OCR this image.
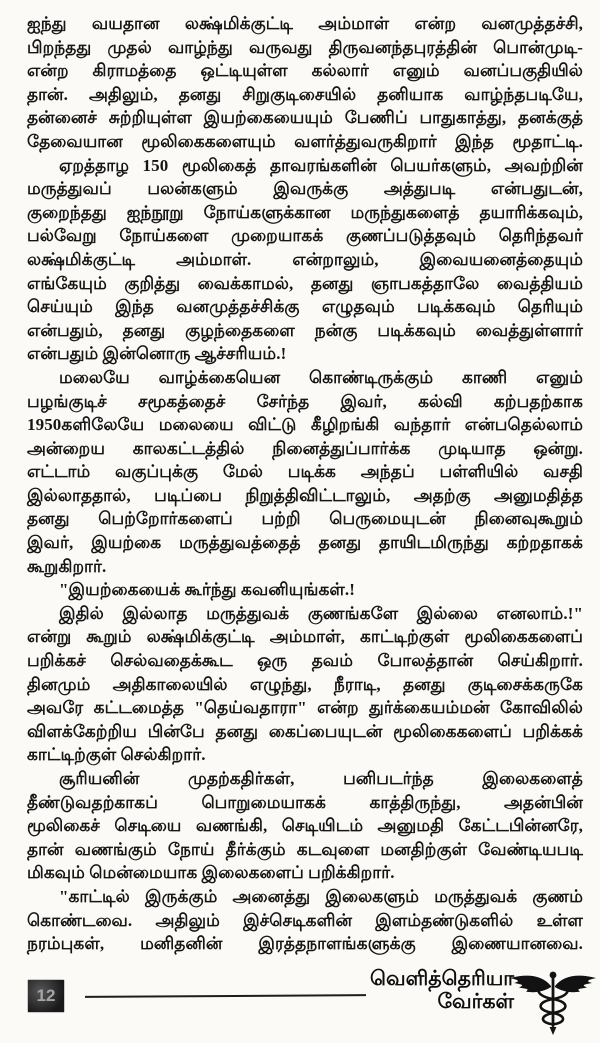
ஐந்து வயதான லக்ஷ்மிக்குட்டி அம்மாள் என்ற வனமுத்தச்சி,
பிறந்தது முதல் வாழ்ந்து வருவது திருவனந்தபுரத்தின் பொன்முடி-
என்ற கிராமத்தை ஒட்டியுள்ள கல்லார் எனும் வனப்பகுதியில்
தான். அதிலும், தனது சிறுகுடிசையில் தனியாக வாழ்ந்தபடியே,
தன்னைச் சுற்றியுள்ள இயற்கையையும் பேணிப் பாதுகாத்து, தனக்குத்
தேவையான மூலிகைகளையும் வளர்த்துவருகிறார் இந்த மூதாட்டி.
ஏறத்தாழ 150 மூலிகைத் தாவரங்களின் பெயர்களும், அவற்றின்
மருத்துவப் பலன்களும் இவருக்கு அத்துபடி என்பதுடன்,
குறைந்தது ஐந்நூறு நோய்களுக்கான மருந்துகளைத் தயாரிக்கவும்,
பல்வேறு நோய்களை முறையாகக் குணப்படுத்தவும் தெரிந்தவர்
லக்ஷ்மிக்குட்டி அம்மாள். என்றாலும், இவையனைத்தையும்
எங்கேயும் குறித்து வைக்காமல், தனது ஞாபகத்தாலே வைத்தியம்
செய்யும் இந்த வனமுத்தச்சிக்கு எழுதவும் படிக்கவும் தெரியும்
என்பதும், தனது குழந்தைகளை நன்கு படிக்கவும் வைத்துள்ளார்
என்பதும் இன்னொரு ஆச்சரியம்.!
மலையே வாழ்க்கையென கொண்டிருக்கும் காணி எனும்
பழங்குடிச் சமூகத்தைச் சேர்ந்த இவர், கல்வி கற்பதற்காக
1950களிலேயே மலையை விட்டு கீழிறங்கி வந்தார் என்பதெல்லாம்
அன்றைய காலகட்டத்தில் நினைத்துப்பார்க்க முடியாத ஒன்று.
எட்டாம் வகுப்புக்கு மேல் படிக்க அந்தப் பள்ளியில் வசதி
இல்லாததால், படிப்பை நிறுத்திவிட்டாலும், அதற்கு அனுமதித்த
தனது பெற்றோர்களைப் பற்றி பெருமையுடன் நினைவுகூறும்
இவர், இயற்கை மருத்துவத்தைத் தனது தாயிடமிருந்து கற்றதாகக்
கூறுகிறார்.
"இயற்கையைக் கூர்ந்து கவனியுங்கள்.!
இதில் இல்லாத மருத்துவக் குணங்களே இல்லை எனலாம்.!"
என்று கூறும் லக்ஷ்மிக்குட்டி அம்மாள், காட்டிற்குள் மூலிகைகளைப்
பறிக்கச் செல்வதைக்கூட ஒரு தவம் போலத்தான் செய்கிறார்.
தினமும் அதிகாலையில் எழுந்து, நீராடி, தனது குடிசைக்கருகே
அவரே கட்டமைத்த "தெய்வதாரா" என்ற துர்க்கையம்மன் கோவிலில்
விளக்கேற்றிய பின்பே தனது கைப்பையுடன் மூலிகைகளைப் பறிக்கக்
காட்டிற்குள் செல்கிறார்.
சூரியனின் முதற்கதிர்கள், பனிபடர்ந்த இலைகளைத்
தீண்டுவதற்காகப் பொறுமையாகக் காத்திருந்து, அதன்பின்
மூலிகைச் செடியை வணங்கி, செடியிடம் அனுமதி கேட்டபின்னரே,
தான் வணங்கும் நோய் தீர்க்கும் கடவுளை மனதிற்குள் வேண்டியபடி
மிகவும் மென்மையாக இலைகளைப் பறிக்கிறார்.
"காட்டில் இருக்கும் அனைத்து இலைகளும் மருத்துவக் குணம்
கொண்டவை. அதிலும் இச்செடிகளின் இளம்தண்டுகளில் உள்ள
நரம்புகள், மனிதனின் இரத்தநாளங்களுக்கு இணையானவை.
12
வெளித்தெரியா
வேர்கள்
